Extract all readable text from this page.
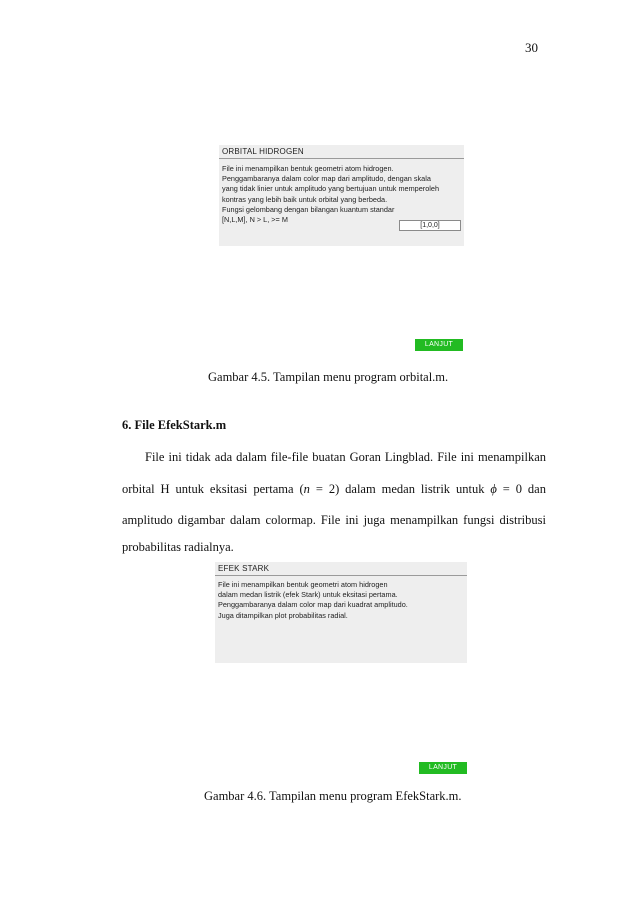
30
ORBITAL HIDROGEN
File ini menampilkan bentuk geometri atom hidrogen.
Penggambaranya dalam color map dari amplitudo, dengan skala
yang tidak linier untuk amplitudo yang bertujuan untuk memperoleh
kontras yang lebih baik untuk orbital yang berbeda.
Fungsi gelombang dengan bilangan kuantum standar
[N,L,M], N > L, >= M
[1,0,0]
LANJUT
Gambar 4.5. Tampilan menu program orbital.m.
6. File EfekStark.m
File ini tidak ada dalam file-file buatan Goran Lingblad. File ini menampilkan
orbital H untuk eksitasi pertama (n = 2) dalam medan listrik untuk ϕ = 0 dan
amplitudo digambar dalam colormap. File ini juga menampilkan fungsi distribusi
probabilitas radialnya.
EFEK STARK
File ini menampilkan bentuk geometri atom hidrogen
dalam medan listrik (efek Stark) untuk eksitasi pertama.
Penggambaranya dalam color map dari kuadrat amplitudo.
Juga ditampilkan plot probabilitas radial.
LANJUT
Gambar 4.6. Tampilan menu program EfekStark.m.
